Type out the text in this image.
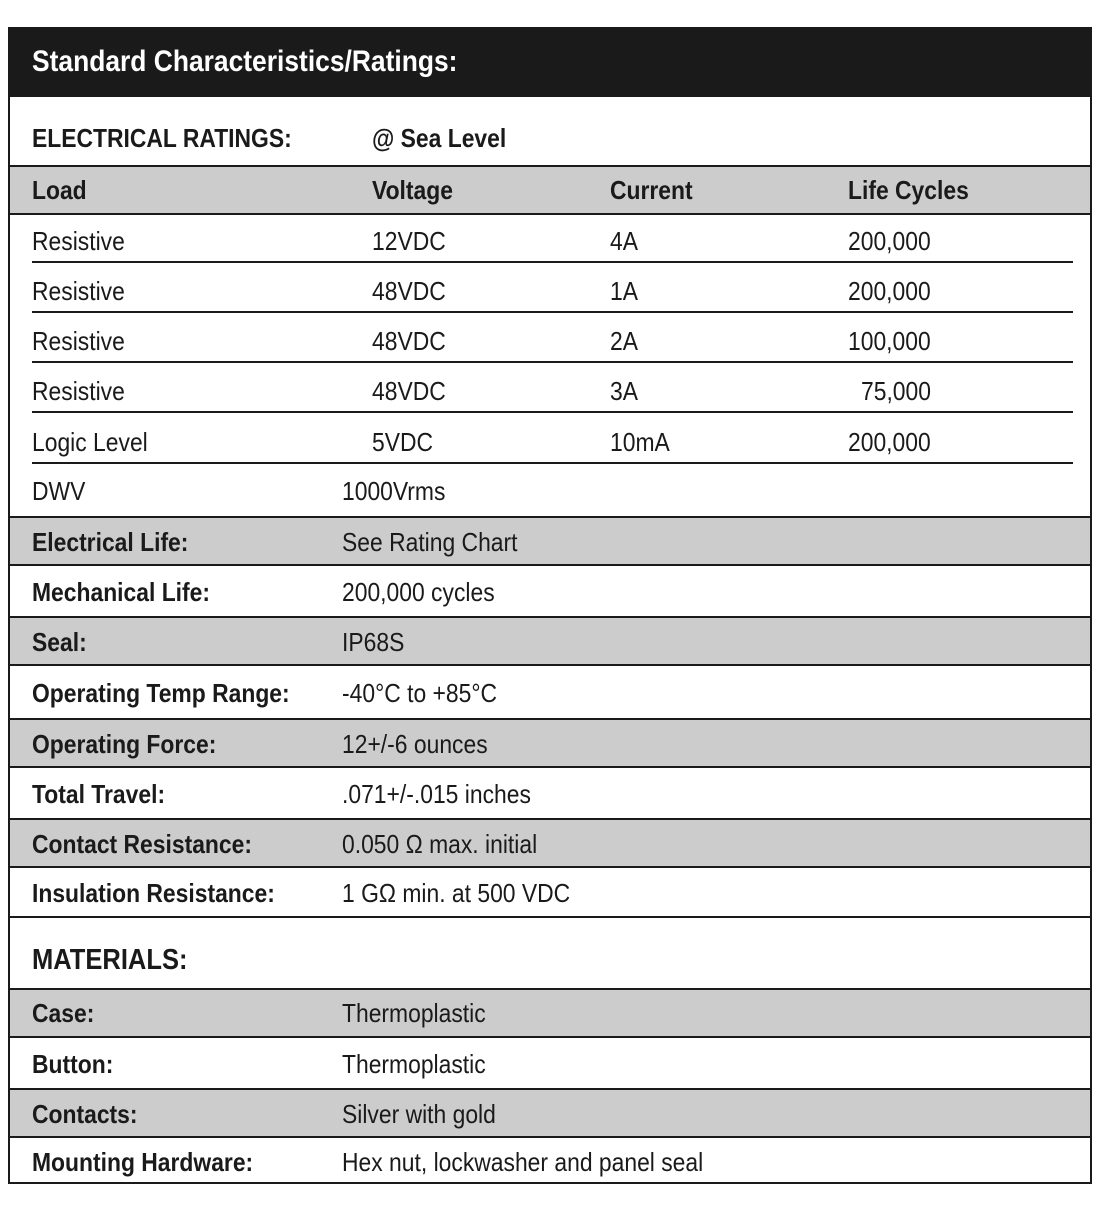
Standard Characteristics/Ratings:
ELECTRICAL RATINGS:	@ Sea Level
Load	Voltage	Current	Life Cycles
Resistive	12VDC	4A	200,000
Resistive	48VDC	1A	200,000
Resistive	48VDC	2A	100,000
Resistive	48VDC	3A	75,000
Logic Level	5VDC	10mA	200,000
DWV	1000Vrms
Electrical Life:	See Rating Chart
Mechanical Life:	200,000 cycles
Seal:	IP68S
Operating Temp Range: -40°C to +85°C
Operating Force:	12+/-6 ounces
Total Travel:	.071+/-.015 inches
Contact Resistance:	0.050 Ω max. initial
Insulation Resistance:	1 GΩ min. at 500 VDC
MATERIALS:
Case:	Thermoplastic
Button:	Thermoplastic
Contacts:	Silver with gold
Mounting Hardware:	Hex nut, lockwasher and panel seal
